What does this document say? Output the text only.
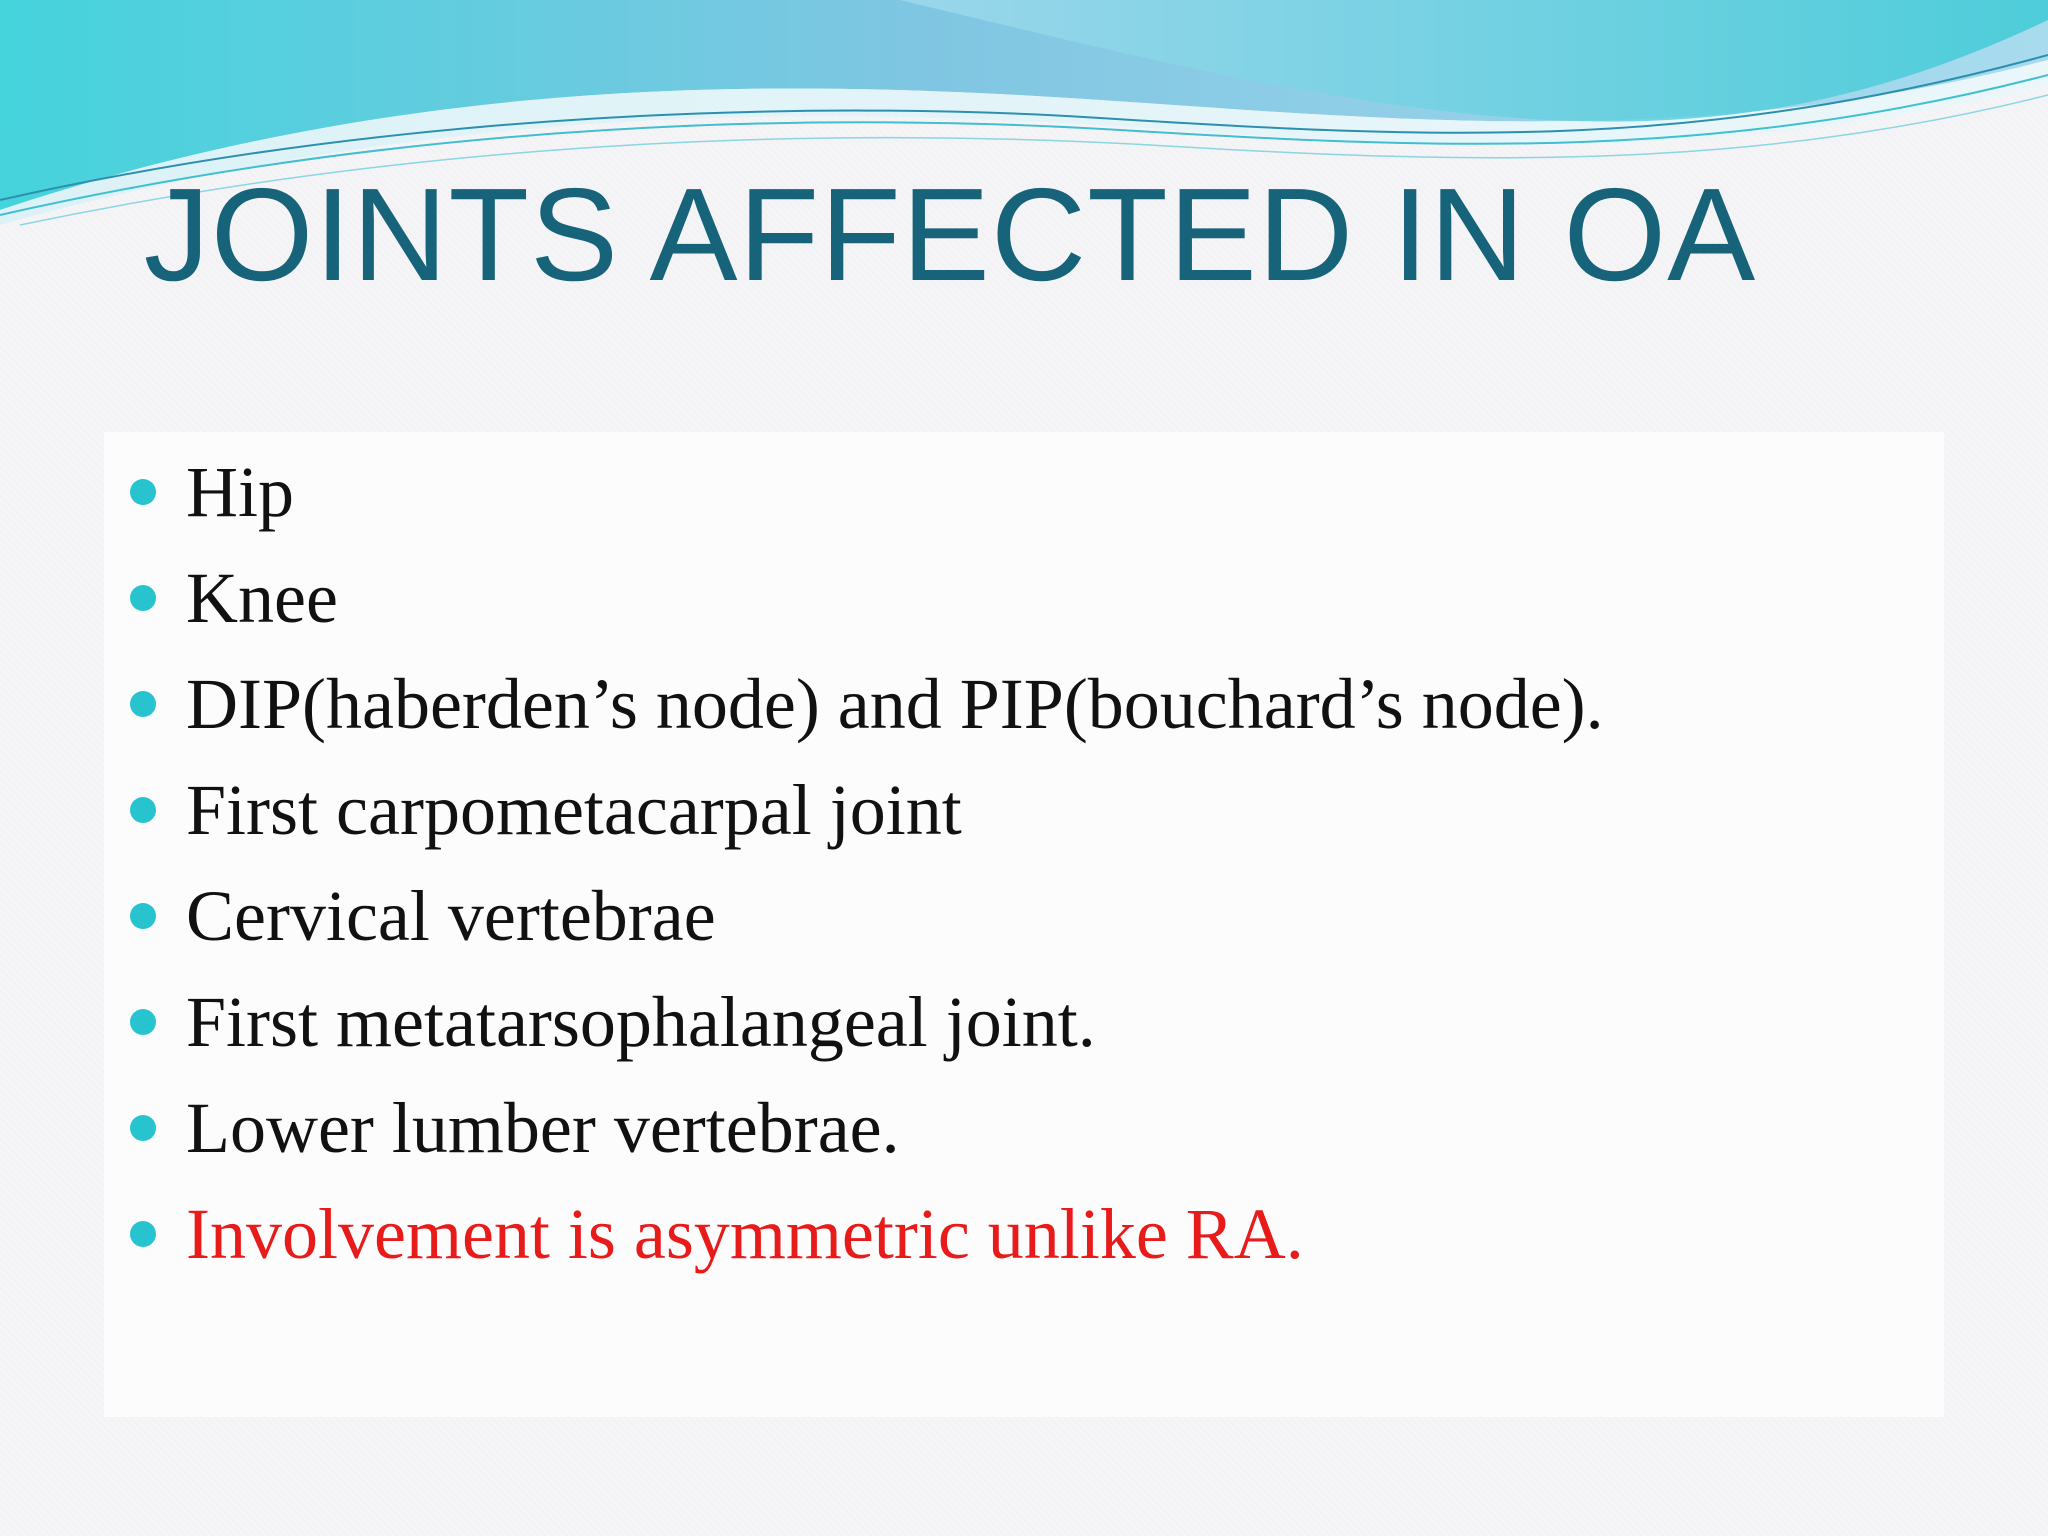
JOINTS AFFECTED IN OA
Hip
Knee
DIP(haberden’s node) and PIP(bouchard’s node).
First carpometacarpal joint
Cervical vertebrae
First metatarsophalangeal joint.
Lower lumber vertebrae.
Involvement is asymmetric unlike RA.
